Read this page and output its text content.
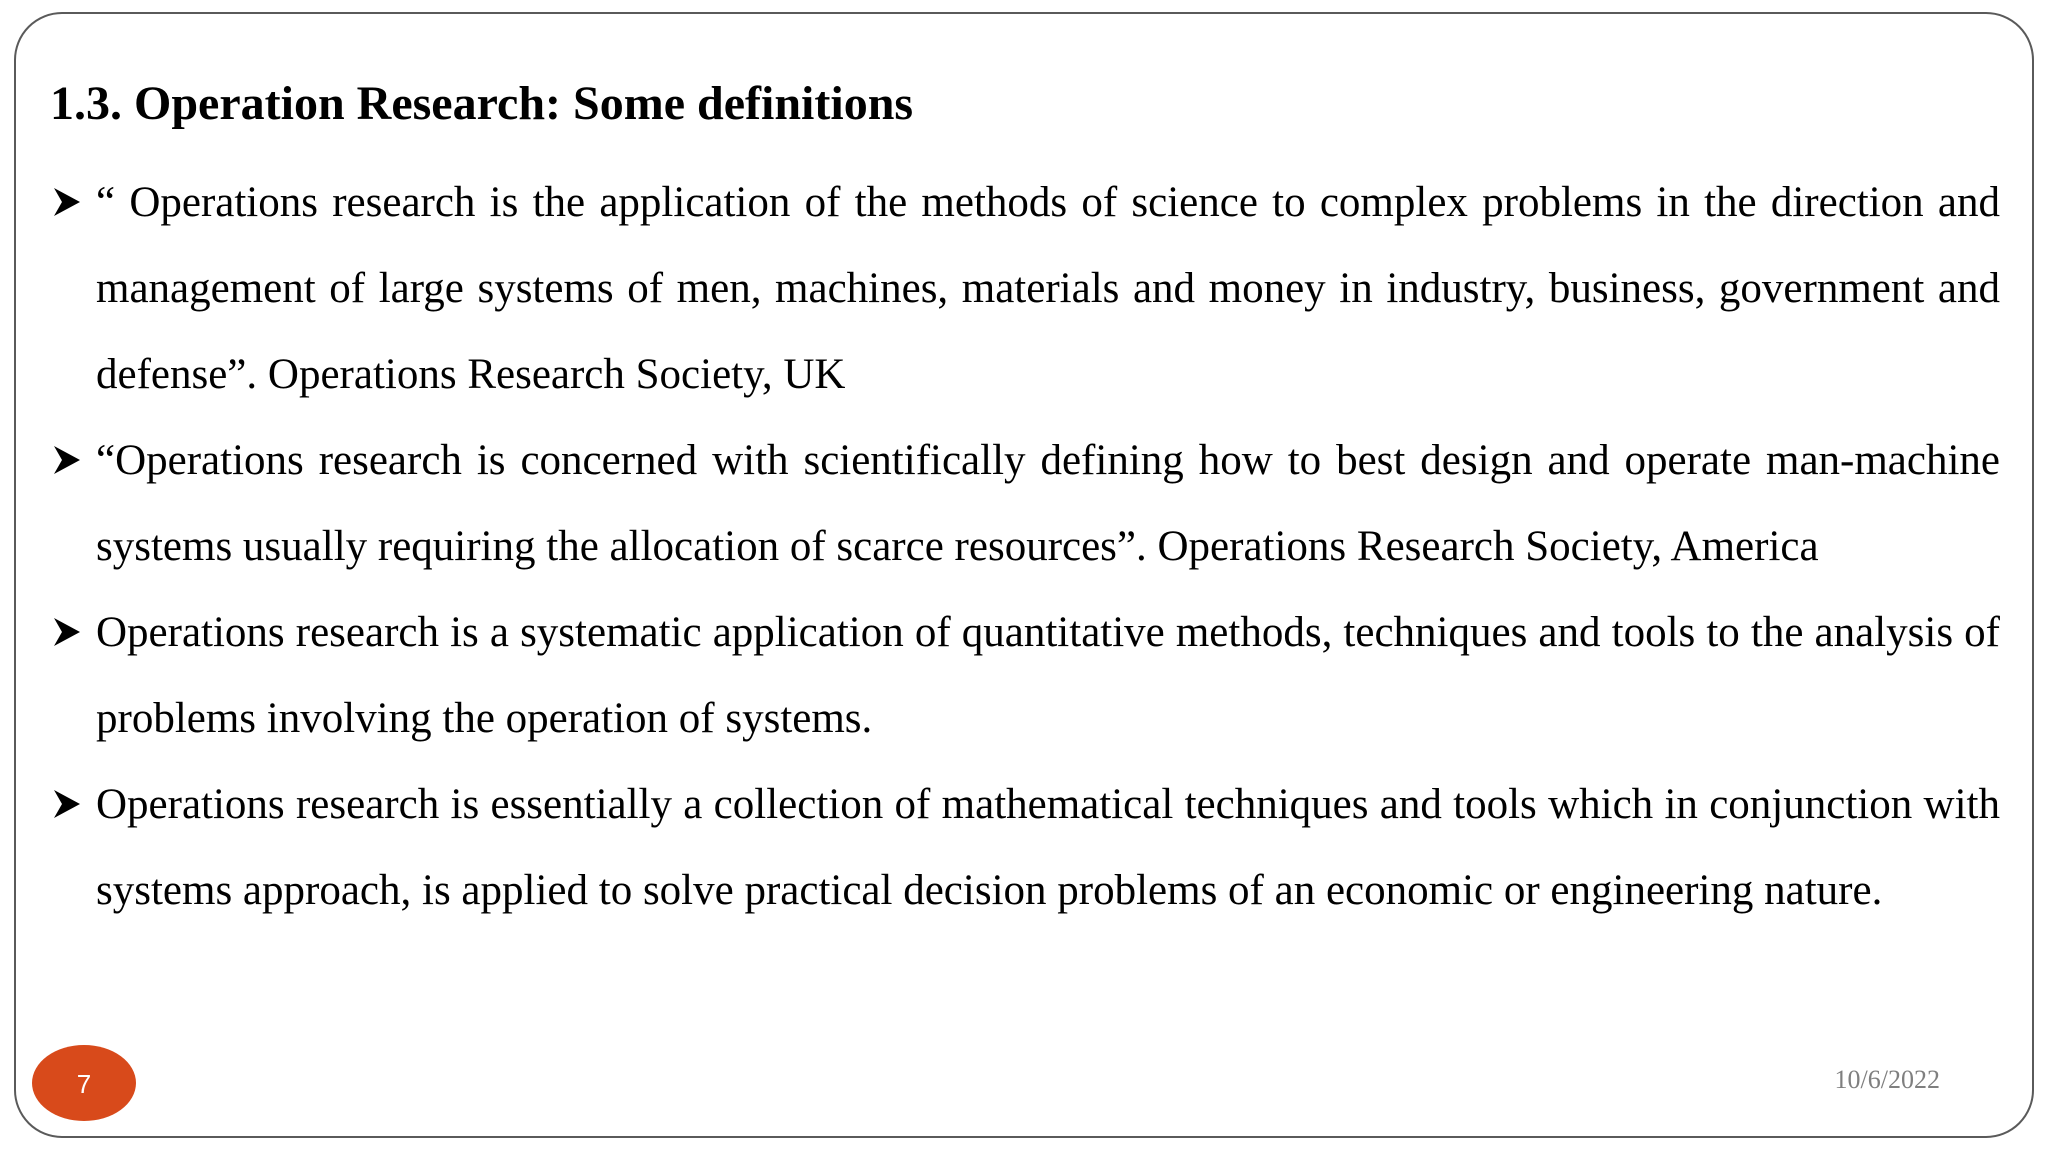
1.3. Operation Research: Some definitions
“ Operations research is the application of the methods of science to complex problems in the direction and management of large systems of men, machines, materials and money in industry, business, government and defense”. Operations Research Society, UK
“Operations research is concerned with scientifically defining how to best design and operate man-machine systems usually requiring the allocation of scarce resources”. Operations Research Society, America
Operations research is a systematic application of quantitative methods, techniques and tools to the analysis of problems involving the operation of systems.
Operations research is essentially a collection of mathematical techniques and tools which in conjunction with systems approach, is applied to solve practical decision problems of an economic or engineering nature.
7	10/6/2022
